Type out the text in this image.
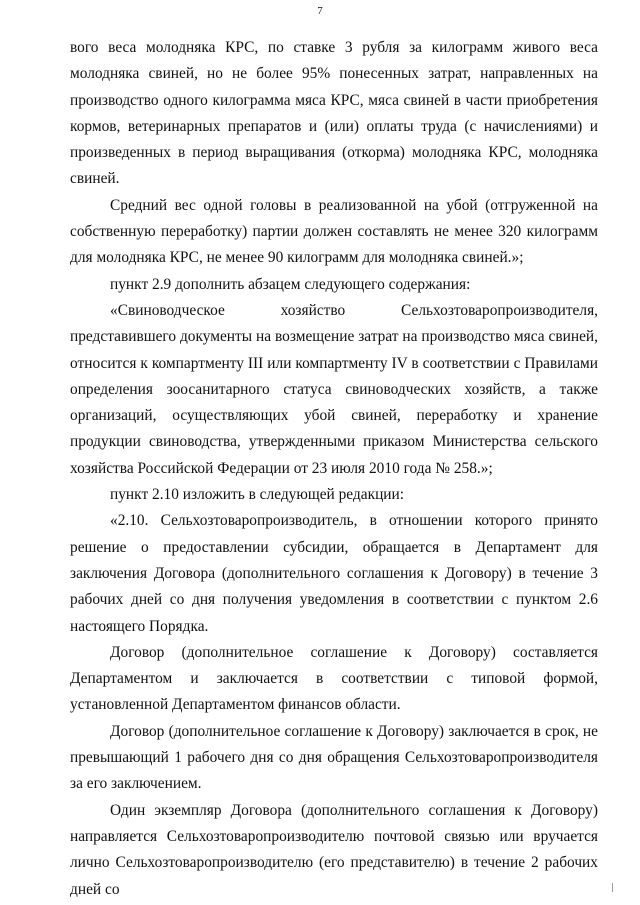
7

вого веса молодняка КРС, по ставке 3 рубля за килограмм живого веса молодняка свиней, но не более 95% понесенных затрат, направленных на производство одного килограмма мяса КРС, мяса свиней в части приобретения кормов, ветеринарных препаратов и (или) оплаты труда (с начислениями) и произведенных в период выращивания (откорма) молодняка КРС, молодняка свиней.

Средний вес одной головы в реализованной на убой (отгруженной на собственную переработку) партии должен составлять не менее 320 килограмм для молодняка КРС, не менее 90 килограмм для молодняка свиней.»;

пункт 2.9 дополнить абзацем следующего содержания:

«Свиноводческое хозяйство Сельхозтоваропроизводителя, представившего документы на возмещение затрат на производство мяса свиней, относится к компартменту III или компартменту IV в соответствии с Правилами определения зоосанитарного статуса свиноводческих хозяйств, а также организаций, осуществляющих убой свиней, переработку и хранение продукции свиноводства, утвержденными приказом Министерства сельского хозяйства Российской Федерации от 23 июля 2010 года № 258.»;

пункт 2.10 изложить в следующей редакции:

«2.10. Сельхозтоваропроизводитель, в отношении которого принято решение о предоставлении субсидии, обращается в Департамент для заключения Договора (дополнительного соглашения к Договору) в течение 3 рабочих дней со дня получения уведомления в соответствии с пунктом 2.6 настоящего Порядка.

Договор (дополнительное соглашение к Договору) составляется Департаментом и заключается в соответствии с типовой формой, установленной Департаментом финансов области.

Договор (дополнительное соглашение к Договору) заключается в срок, не превышающий 1 рабочего дня со дня обращения Сельхозтоваропроизводителя за его заключением.

Один экземпляр Договора (дополнительного соглашения к Договору) направляется Сельхозтоваропроизводителю почтовой связью или вручается лично Сельхозтоваропроизводителю (его представителю) в течение 2 рабочих дней со
